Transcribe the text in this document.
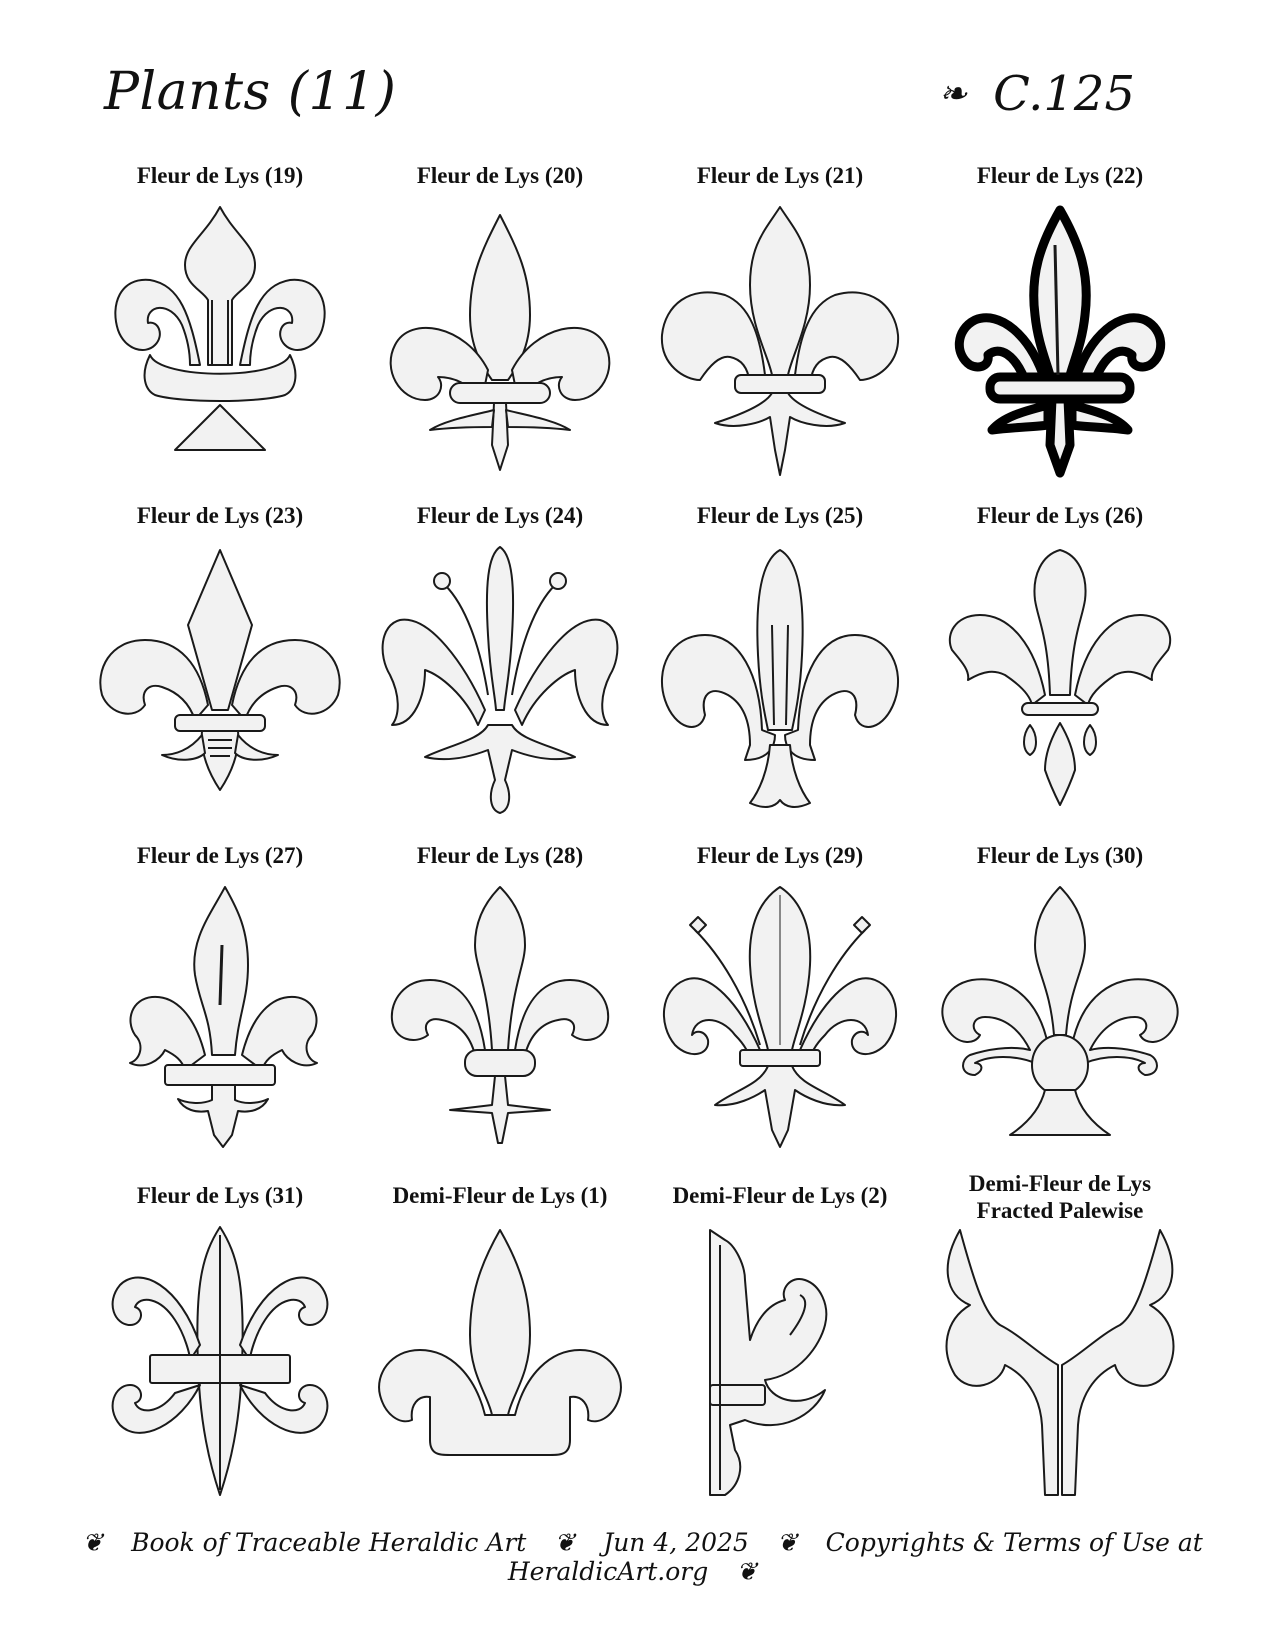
Plants (11)	❧ C.125
Fleur de Lys (19)	Fleur de Lys (20)	Fleur de Lys (21)	Fleur de Lys (22)
Fleur de Lys (23)	Fleur de Lys (24)	Fleur de Lys (25)	Fleur de Lys (26)
Fleur de Lys (27)	Fleur de Lys (28)	Fleur de Lys (29)	Fleur de Lys (30)
Fleur de Lys (31)	Demi-Fleur de Lys (1)	Demi-Fleur de Lys (2)	Demi-Fleur de Lys
Fracted Palewise
❦ Book of Traceable Heraldic Art ❦ Jun 4, 2025 ❦ Copyrights & Terms of Use at HeraldicArt.org ❦
